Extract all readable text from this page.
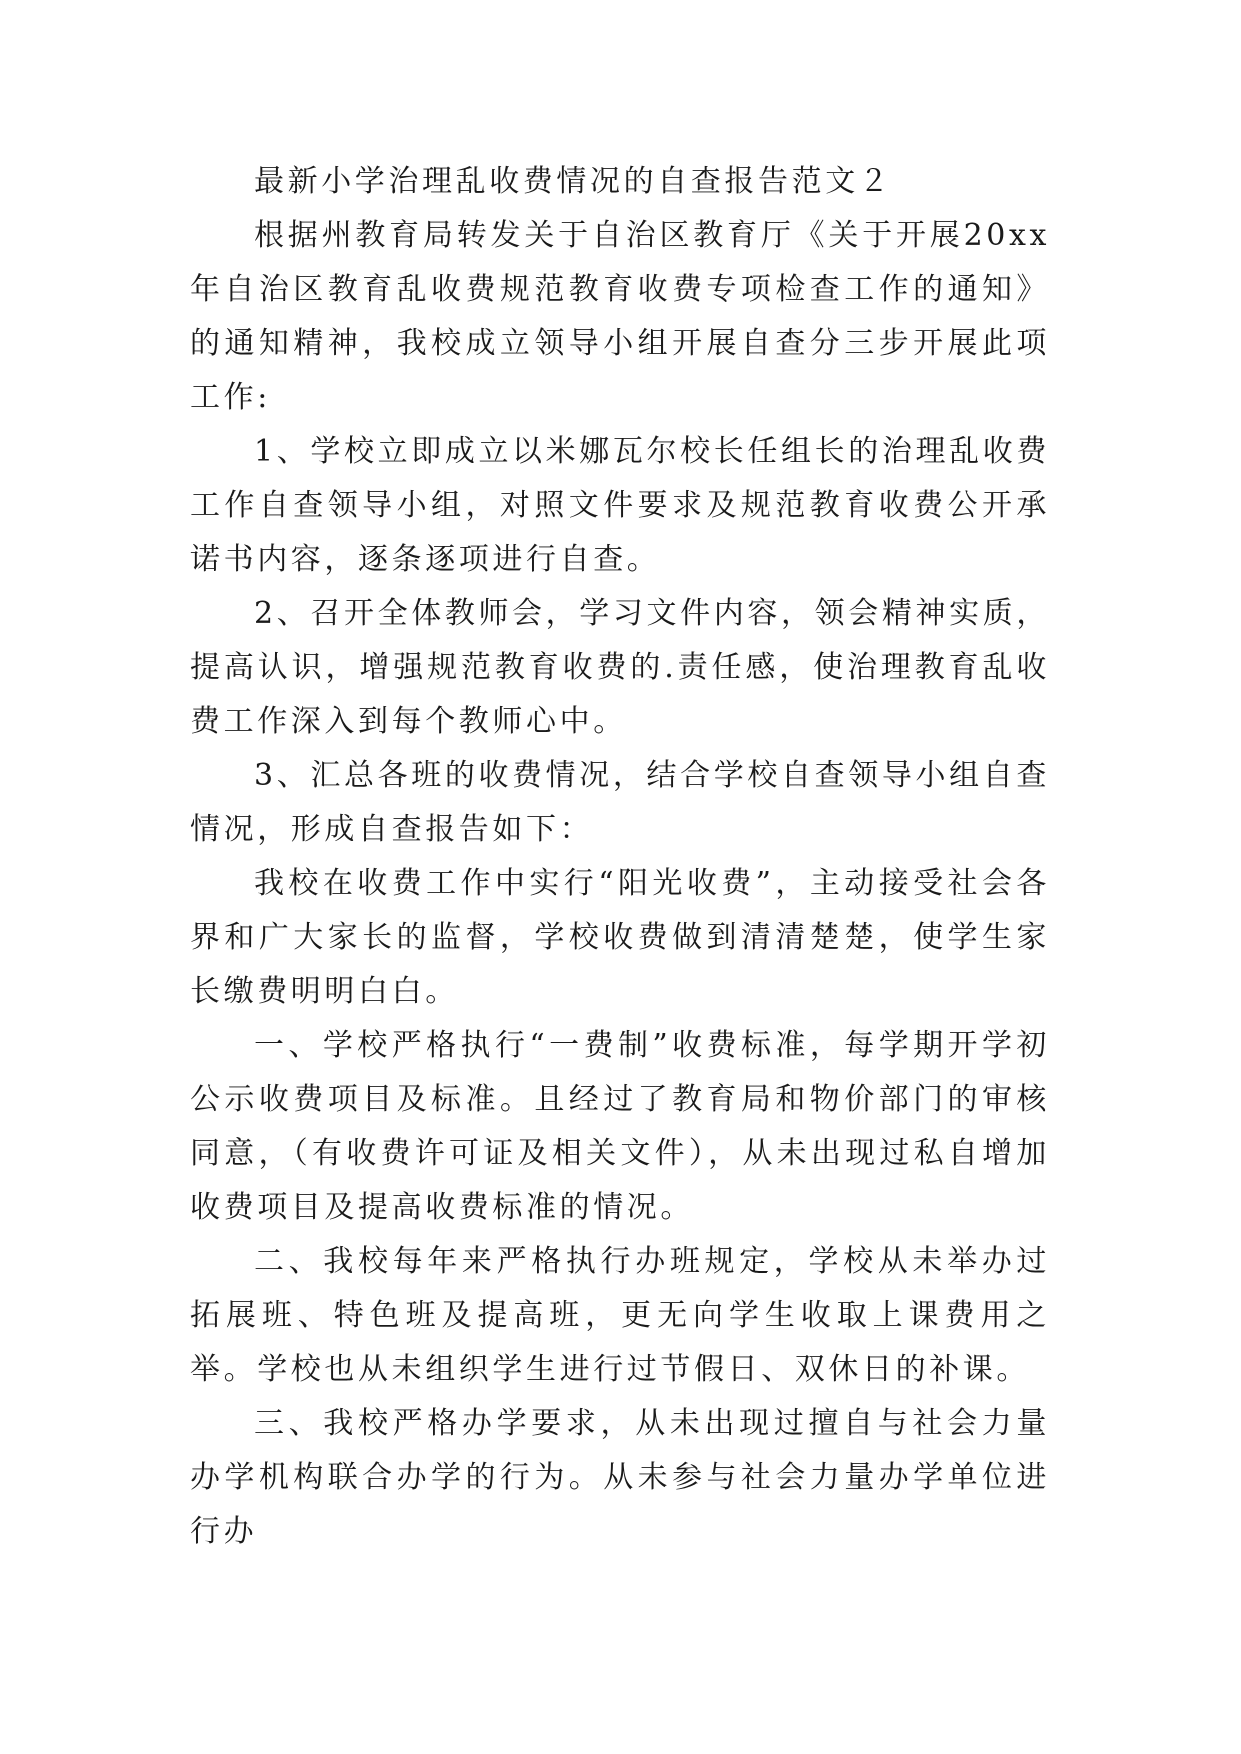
最新小学治理乱收费情况的自查报告范文２

根据州教育局转发关于自治区教育厅《关于开展20xx年自治区教育乱收费规范教育收费专项检查工作的通知》的通知精神，我校成立领导小组开展自查分三步开展此项工作:

1、学校立即成立以米娜瓦尔校长任组长的治理乱收费工作自查领导小组，对照文件要求及规范教育收费公开承诺书内容，逐条逐项进行自查。

2、召开全体教师会，学习文件内容，领会精神实质，提高认识，增强规范教育收费的.责任感，使治理教育乱收费工作深入到每个教师心中。

3、汇总各班的收费情况，结合学校自查领导小组自查情况，形成自查报告如下：

我校在收费工作中实行“阳光收费”，主动接受社会各界和广大家长的监督，学校收费做到清清楚楚，使学生家长缴费明明白白。

一、学校严格执行“一费制”收费标准，每学期开学初公示收费项目及标准。且经过了教育局和物价部门的审核同意，（有收费许可证及相关文件），从未出现过私自增加收费项目及提高收费标准的情况。

二、我校每年来严格执行办班规定，学校从未举办过拓展班、特色班及提高班，更无向学生收取上课费用之举。学校也从未组织学生进行过节假日、双休日的补课。

三、我校严格办学要求，从未出现过擅自与社会力量办学机构联合办学的行为。从未参与社会力量办学单位进行办
